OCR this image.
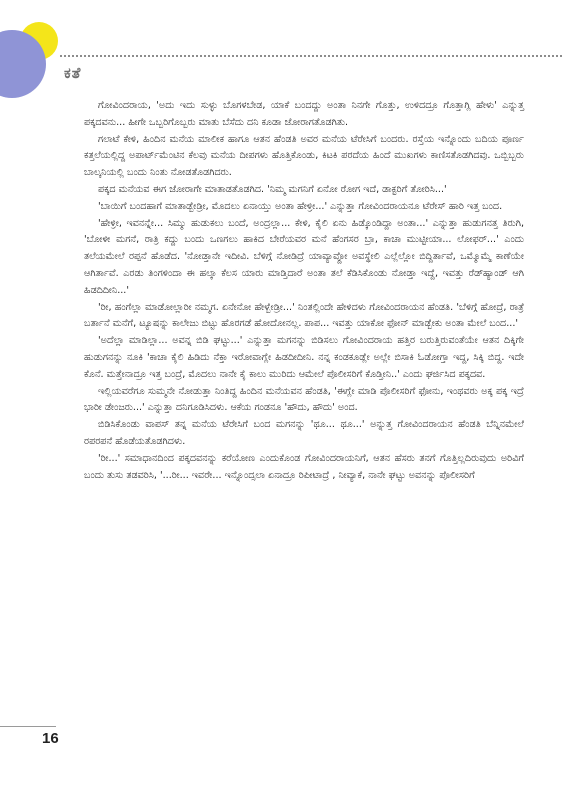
ಕತೆ

ಗೋವಿಂದರಾಯ, 'ಅದು ಇದು ಸುಳ್ಳು ಬೊಗಳಬೇಡ, ಯಾಕೆ ಬಂದದ್ದು ಅಂತಾ ನಿನಗೇ ಗೊತ್ತು, ಉಳಿದದ್ರೂ ಗೊತ್ತಾಗ್ಲಿ ಹೇಳು' ಎನ್ನುತ್ತ ಪಕ್ಕದವನು... ಹೀಗೇ ಒಬ್ಬರಿಗೊಬ್ಬರು ಮಾತು ಬೆಸೆದು ದನಿ ಕೂಡಾ ಜೋರಾಗತೊಡಗಿತು.

ಗಲಾಟೆ ಕೇಳಿ, ಹಿಂದಿನ ಮನೆಯ ಮಾಲೀಕ ಹಾಗೂ ಆತನ ಹೆಂಡತಿ ಅವರ ಮನೆಯ ಟೆರೇಸಿಗೆ ಬಂದರು. ರಸ್ತೆಯ ಇನ್ನೊಂದು ಬದಿಯ ಪೂರ್ಣ ಕತ್ತಲೆಯಲ್ಲಿದ್ದ ಅಪಾರ್ಟ್‍ಮೆಂಟಿನ ಕೆಲವು ಮನೆಯ ದೀಪಗಳು ಹೊತ್ತಿಕೊಂಡು, ಕಿಟಕಿ ಪರದೆಯ ಹಿಂದೆ ಮುಖಗಳು ಕಾಣಿಸತೊಡಗಿದವು. ಒಬ್ಬಿಬ್ಬರು ಬಾಲ್ಕನಿಯಲ್ಲಿ ಬಂದು ನಿಂತು ನೋಡತೊಡಗಿದರು.

ಪಕ್ಕದ ಮನೆಯವ ಈಗ ಜೋರಾಗೇ ಮಾತಾಡತೊಡಗಿದ. 'ನಿಮ್ಮ ಮಗನಿಗೆ ಏನೋ ರೋಗ ಇದೆ, ಡಾಕ್ಟರಿಗೆ ತೋರಿಸಿ...'

'ಬಾಯಿಗೆ ಬಂದಹಾಗೆ ಮಾತಾಡ್ಬೇಡ್ರೀ, ಮೊದಲು ಏನಾಯ್ತು ಅಂತಾ ಹೇಳ್ರೀ...' ಎನ್ನುತ್ತಾ ಗೋವಿಂದರಾಯನೂ ಟೆರೇಸ್ ಹಾರಿ ಇತ್ತ ಬಂದ.

'ಹೇಳ್ರೀ, ಇವನನ್ನೇ... ಸಿಮ್ಮು ಹುಡುಕಲು ಬಂದೆ, ಅಂದ್ರಲ್ಲಾ... ಕೇಳಿ, ಕೈಲಿ ಏನು ಹಿಡ್ಕೊಂಡಿದ್ದಾ ಅಂತಾ...' ಎನ್ನುತ್ತಾ ಹುಡುಗನತ್ತ ತಿರುಗಿ, 'ಬೋಳೀ ಮಗನೆ, ರಾತ್ರಿ ಕದ್ದು ಬಂದು ಒಣಗಲು ಹಾಕಿದ ಬೇರೆಯವರ ಮನೆ ಹೆಂಗಸರ ಬ್ರಾ, ಕಾಚಾ ಮುಟ್ಟೀಯಾ... ಲೋಫರ್...' ಎಂದು ತಲೆಯಮೇಲೆ ರಪ್ಪನೆ ಹೊಡೆದ. 'ನೋಡ್ತಾನೇ ಇದೀವಿ. ಬೆಳಿಗ್ಗೆ ನೋಡಿದ್ರೆ ಯಾವ್ಯಾವ್ದೋ ಅವಸ್ಥೇಲಿ ಎಲ್ಲೆಲ್ಲೋ ಬಿದ್ದಿರ್ತಾವೆ, ಒಮ್ಮೊಮ್ಮೆ ಕಾಣೆಯೇ ಆಗಿರ್ತಾವೆ. ಎರಡು ತಿಂಗಳಿಂದಾ ಈ ಹಲ್ಕಾ ಕೆಲಸ ಯಾರು ಮಾಡ್ತಿದಾರೆ ಅಂತಾ ತಲೆ ಕೆಡಿಸಿಕೊಂಡು ನೋಡ್ತಾ ಇದ್ದೆ, ಇವತ್ತು ರೆಡ್‍ಹ್ಯಾಂಡ್ ಆಗಿ ಹಿಡದಿದೀನಿ...'

'ರೀ, ಹಂಗೆಲ್ಲಾ ಮಾಡೋಲ್ಲಾರೀ ನಮ್ಮಗ. ಏನೇನೋ ಹೇಳ್ಬೇಡ್ರೀ...' ನಿಂತಲ್ಲಿಂದೇ ಹೇಳಿದಳು ಗೋವಿಂದರಾಯನ ಹೆಂಡತಿ. 'ಬೆಳಿಗ್ಗೆ ಹೋದ್ರೆ, ರಾತ್ರೆ ಬರ್ತಾನೆ ಮನೆಗೆ, ಟ್ಯೂಷನ್ನು ಕಾಲೇಜು ಬಿಟ್ಟು ಹೊರಗಡೆ ಹೋದೋನಲ್ಲ. ಪಾಪ... ಇವತ್ತು ಯಾಕೋ ಫೋನ್ ಮಾಡ್ಬೇಕು ಅಂತಾ ಮೇಲೆ ಬಂದ...'

'ಅದೆಲ್ಲಾ ಮಾಡಿಲ್ಲಾ... ಅವನ್ನ ಬಿಡಿ ಘಟ್ಟು...' ಎನ್ನುತ್ತಾ ಮಗನನ್ನು ಬಿಡಿಸಲು ಗೋವಿಂದರಾಯ ಹತ್ತಿರ ಬರುತ್ತಿರುವಂತೆಯೇ ಆತನ ದಿಕ್ಕಿಗೇ ಹುಡುಗನನ್ನು ನೂಕಿ 'ಕಾಚಾ ಕೈಲಿ ಹಿಡಿದು ನೆಕ್ತಾ ಇರೋವಾಗ್ಲೇ ಹಿಡದೀದೀನಿ. ನನ್ನ ಕಂಡಕೂಡ್ಲೇ ಅಲ್ಲೇ ಬಿಸಾಕಿ ಓಡೋಗ್ತಾ ಇದ್ದ, ಸಿಕ್ಕಿ ಬಿದ್ದ. ಇದೇ ಕೊನೆ. ಮತ್ತೇನಾದ್ರೂ ಇತ್ತ ಬಂದ್ರೆ, ಮೊದಲು ನಾನೇ ಕೈ ಕಾಲು ಮುರಿದು ಆಮೇಲೆ ಪೊಲೀಸರಿಗೆ ಕೊಡ್ತೀನಿ..' ಎಂದು ಘರ್ಜಿಸಿದ ಪಕ್ಕದವ.

ಇಲ್ಲಿಯವರೆಗೂ ಸುಮ್ಮನೇ ನೋಡುತ್ತಾ ನಿಂತಿದ್ದ ಹಿಂದಿನ ಮನೆಯವನ ಹೆಂಡತಿ, 'ಈಗ್ಲೇ ಮಾಡಿ ಪೊಲೀಸರಿಗೆ ಫೋನು, ಇಂಥವರು ಅಕ್ಕ ಪಕ್ಕ ಇದ್ರೆ ಭಾರೀ ಡೇಂಜರು...' ಎನ್ನುತ್ತಾ ದನಿಗೂಡಿಸಿದಳು. ಆಕೆಯ ಗಂಡನೂ 'ಹೌದು, ಹೌದು' ಅಂದ.

ಬಿಡಿಸಿಕೊಂಡು ವಾಪಸ್ ತನ್ನ ಮನೆಯ ಟೆರೇಸಿಗೆ ಬಂದ ಮಗನನ್ನು 'ಥೂ... ಥೂ...' ಅನ್ನುತ್ತ ಗೋವಿಂದರಾಯನ ಹೆಂಡತಿ ಬೆನ್ನಿನಮೇಲೆ ರಪರಪನೆ ಹೊಡೆಯತೊಡಗಿದಳು.

'ರೀ...' ಸಮಾಧಾನದಿಂದ ಪಕ್ಕದವನನ್ನು ಕರೆಯೋಣ ಎಂದುಕೊಂಡ ಗೋವಿಂದರಾಯನಿಗೆ, ಆತನ ಹೆಸರು ತನಗೆ ಗೊತ್ತಿಲ್ಲದಿರುವುದು ಅರಿವಿಗೆ ಬಂದು ತುಸು ತಡವರಿಸಿ, '...ರೀ... ಇವರೇ... ಇನ್ನೊಂದ್ಸಲಾ ಏನಾದ್ರೂ ರಿಪೀಟಾದ್ರೆ , ನೀವ್ಯಾಕೆ, ನಾನೇ ಘಟ್ಟು ಅವನನ್ನು ಪೊಲೀಸರಿಗೆ

16
